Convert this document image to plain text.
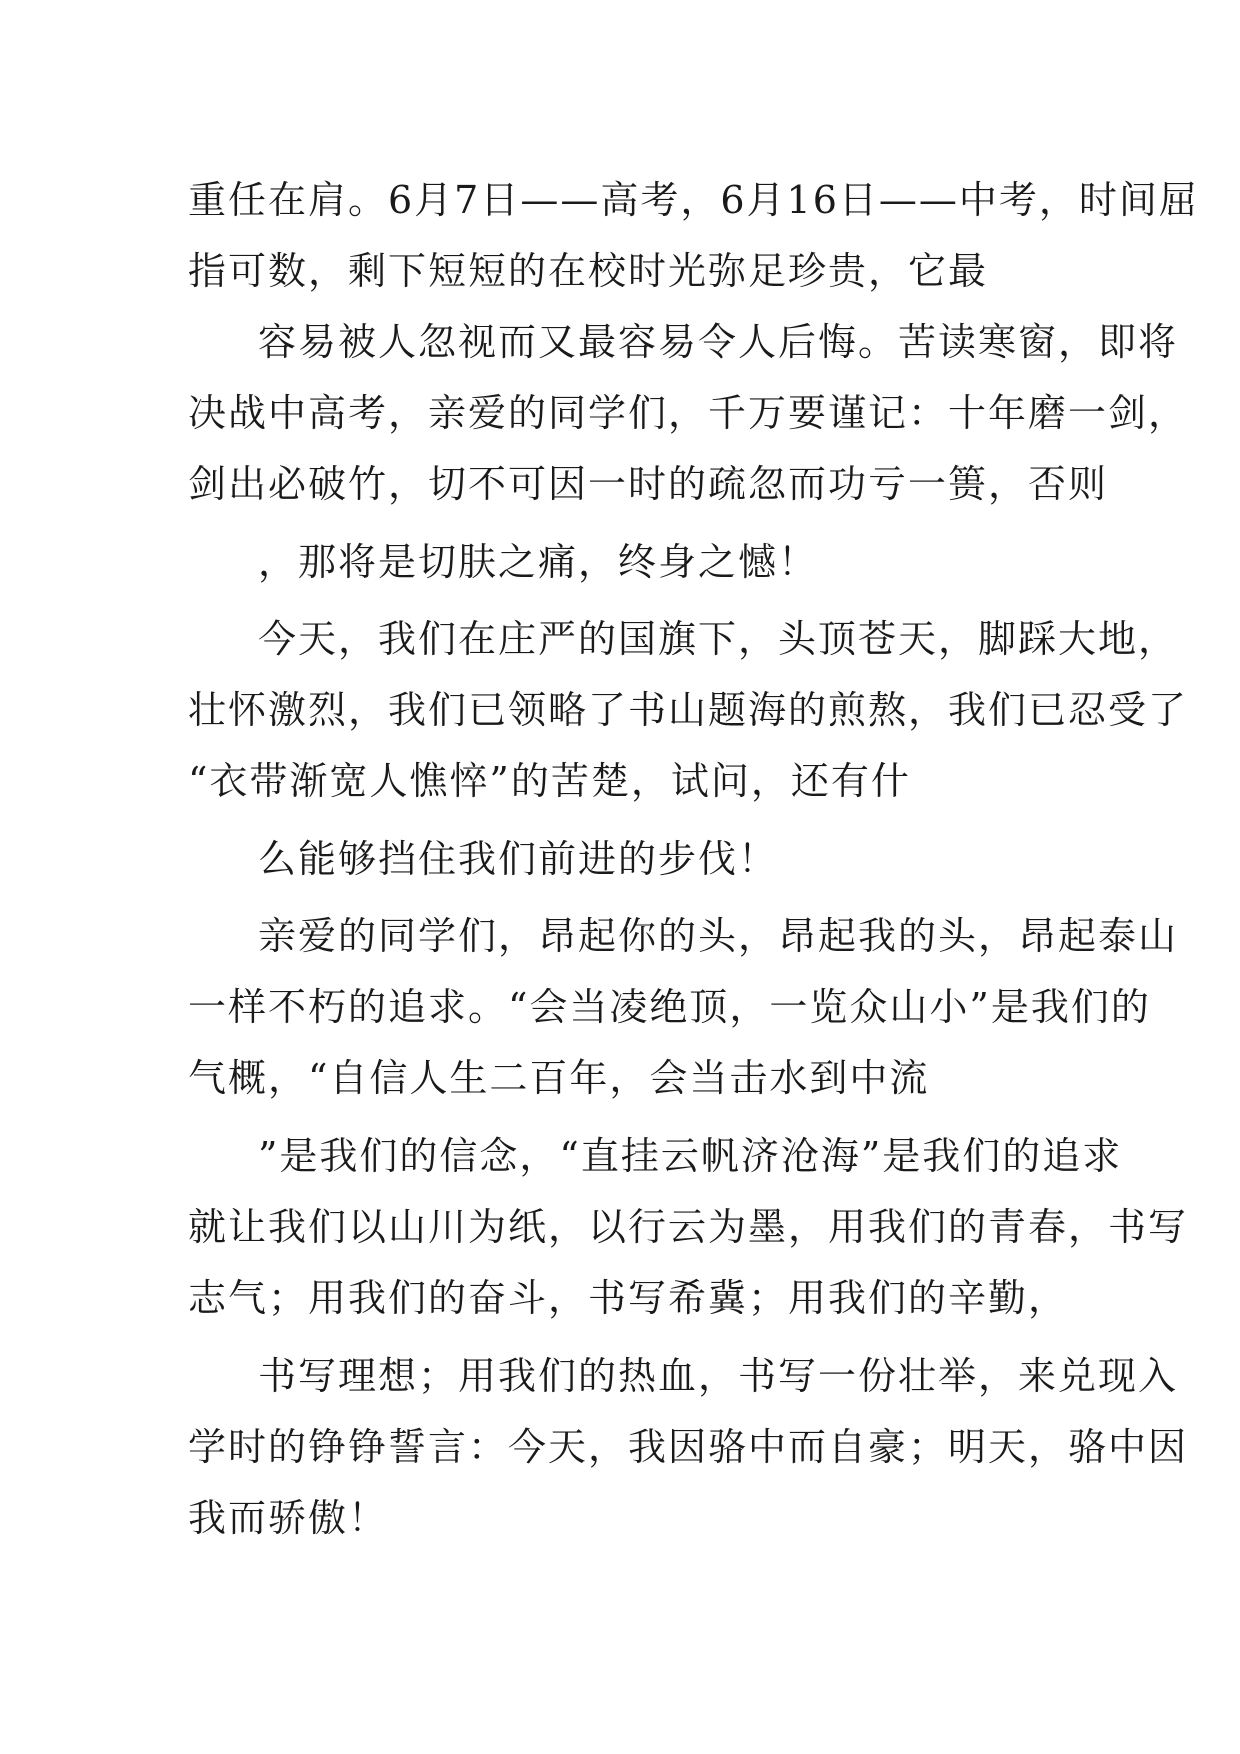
重任在肩。6月7日——高考，6月16日——中考，时间屈
指可数，剩下短短的在校时光弥足珍贵，它最
容易被人忽视而又最容易令人后悔。苦读寒窗，即将
决战中高考，亲爱的同学们，千万要谨记：十年磨一剑，
剑出必破竹，切不可因一时的疏忽而功亏一篑，否则
，那将是切肤之痛，终身之憾！
今天，我们在庄严的国旗下，头顶苍天，脚踩大地，
壮怀激烈，我们已领略了书山题海的煎熬，我们已忍受了
“衣带渐宽人憔悴”的苦楚，试问，还有什
么能够挡住我们前进的步伐！
亲爱的同学们，昂起你的头，昂起我的头，昂起泰山
一样不朽的追求。“会当凌绝顶，一览众山小”是我们的
气概，“自信人生二百年，会当击水到中流
”是我们的信念，“直挂云帆济沧海”是我们的追求
就让我们以山川为纸，以行云为墨，用我们的青春，书写
志气；用我们的奋斗，书写希冀；用我们的辛勤，
书写理想；用我们的热血，书写一份壮举，来兑现入
学时的铮铮誓言：今天，我因骆中而自豪；明天，骆中因
我而骄傲！
